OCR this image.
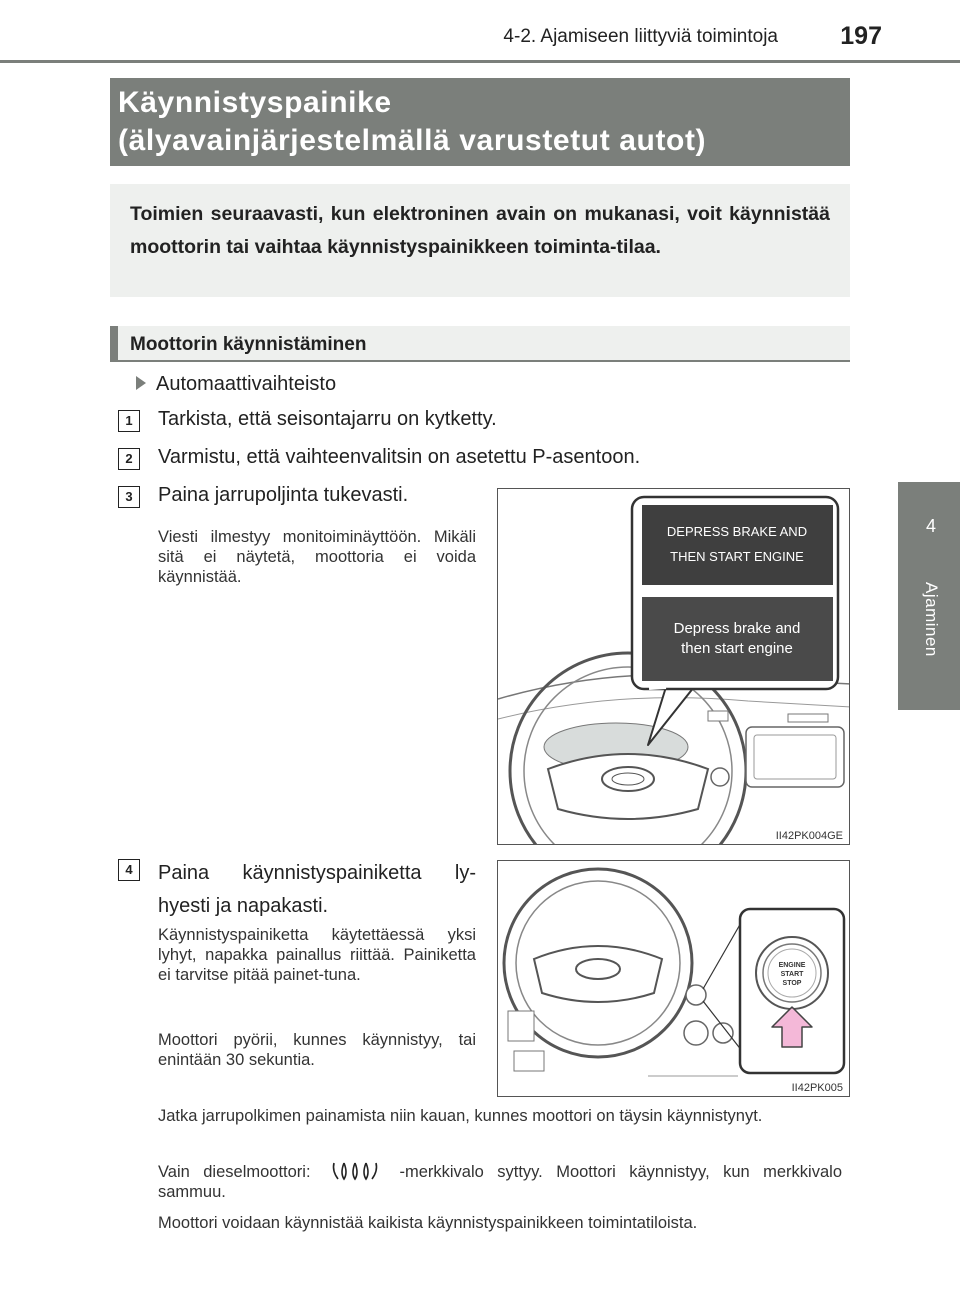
4-2. Ajamiseen liittyviä toimintoja 197
4
Ajaminen
Käynnistyspainike
(älyavainjärjestelmällä varustetut autot)
Toimien seuraavasti, kun elektroninen avain on mukanasi, voit käynnistää moottorin tai vaihtaa käynnistyspainikkeen toiminta-tilaa.
Moottorin käynnistäminen
Automaattivaihteisto
1	Tarkista, että seisontajarru on kytketty.
2	Varmistu, että vaihteenvalitsin on asetettu P-asentoon.
3	Paina jarrupoljinta tukevasti.
Viesti ilmestyy monitoiminäyttöön. Mikäli sitä ei näytetä, moottoria ei voida käynnistää.
DEPRESS BRAKE AND
THEN START ENGINE
Depress brake and
then start engine
II42PK004GE
4	Paina käynnistyspainiketta ly-
hyesti ja napakasti.
Käynnistyspainiketta käytettäessä yksi lyhyt, napakka painallus riittää. Painiketta ei tarvitse pitää painet-tuna.
Moottori pyörii, kunnes käynnistyy, tai enintään 30 sekuntia.
ENGINE
START
STOP
II42PK005
Jatka jarrupolkimen painamista niin kauan, kunnes moottori on täysin käynnistynyt.
Vain dieselmoottori:	-merkkivalo syttyy. Moottori käynnistyy, kun merkkivalo sammuu.
Moottori voidaan käynnistää kaikista käynnistyspainikkeen toimintatiloista.
